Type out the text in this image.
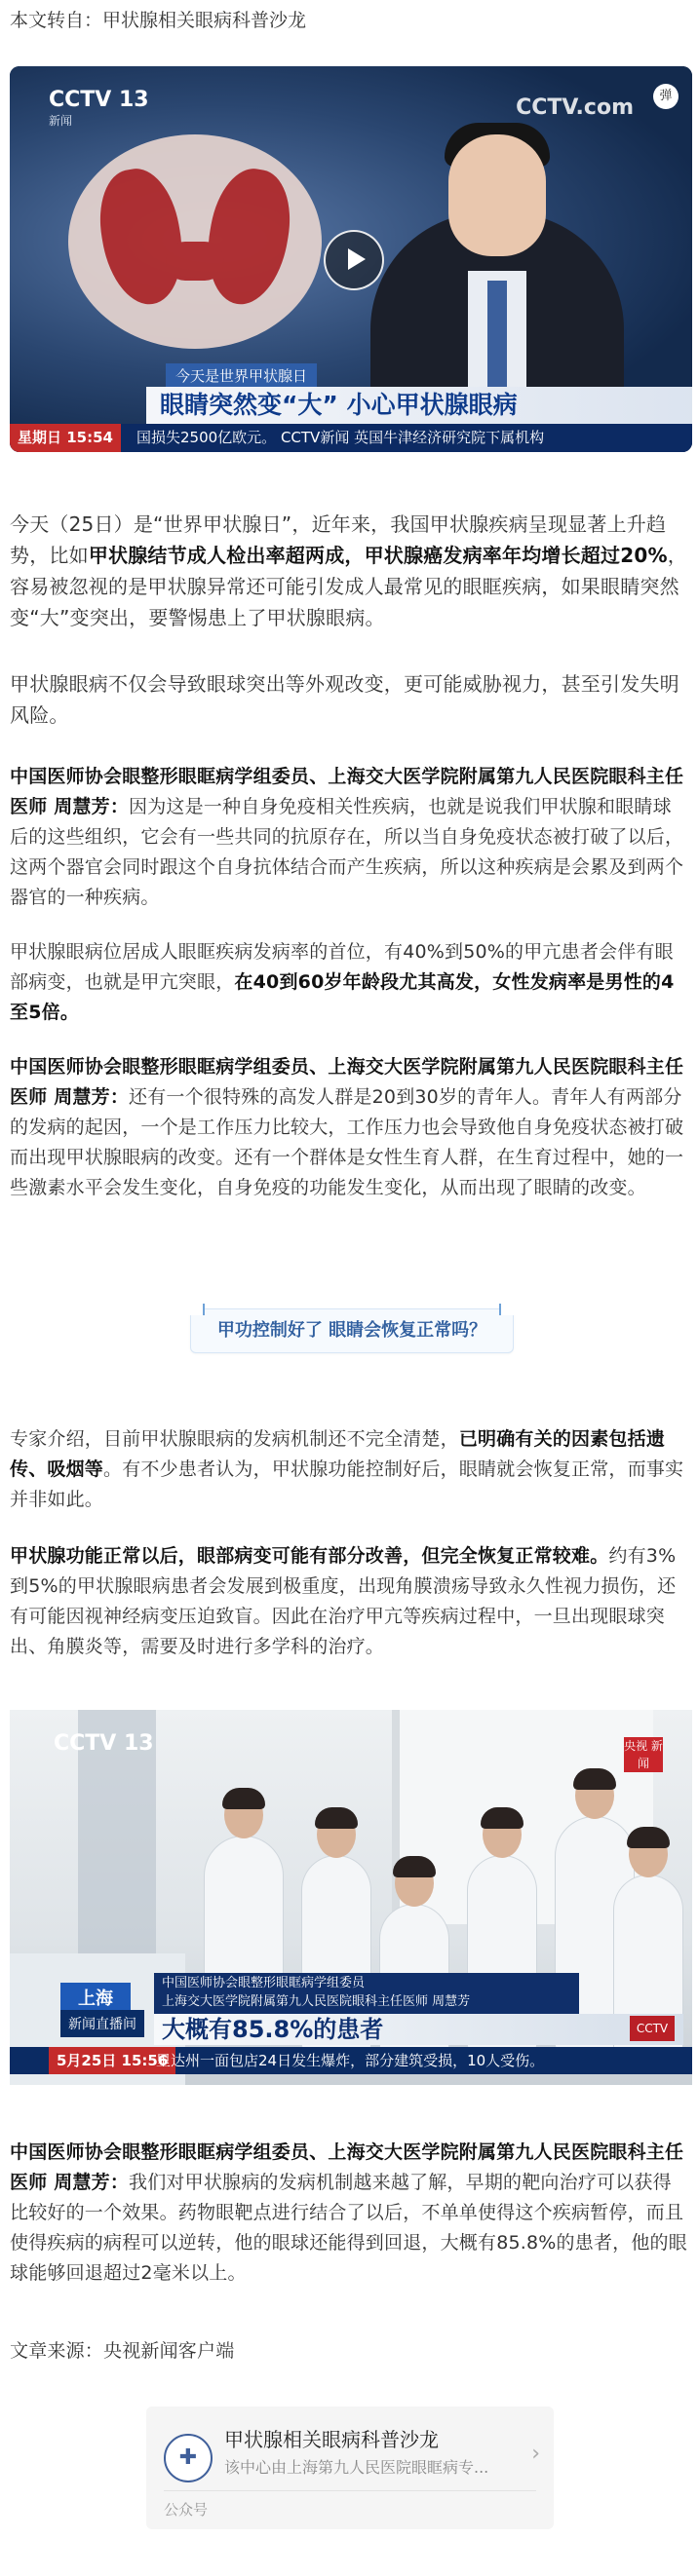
本文转自：甲状腺相关眼病科普沙龙
CCTV 13
新闻
CCTV.com	弹
今天是世界甲状腺日
眼睛突然变“大” 小心甲状腺眼病
星期日 15:54	国损失2500亿欧元。 CCTV新闻 英国牛津经济研究院下属机构

今天（25日）是“世界甲状腺日”，近年来，我国甲状腺疾病呈现显著上升趋势，比如甲状腺结节成人检出率超两成，甲状腺癌发病率年均增长超过20%，容易被忽视的是甲状腺异常还可能引发成人最常见的眼眶疾病，如果眼睛突然变“大”变突出，要警惕患上了甲状腺眼病。

甲状腺眼病不仅会导致眼球突出等外观改变，更可能威胁视力，甚至引发失明风险。

中国医师协会眼整形眼眶病学组委员、上海交大医学院附属第九人民医院眼科主任医师 周慧芳：因为这是一种自身免疫相关性疾病，也就是说我们甲状腺和眼睛球后的这些组织，它会有一些共同的抗原存在，所以当自身免疫状态被打破了以后，这两个器官会同时跟这个自身抗体结合而产生疾病，所以这种疾病是会累及到两个器官的一种疾病。

甲状腺眼病位居成人眼眶疾病发病率的首位，有40%到50%的甲亢患者会伴有眼部病变，也就是甲亢突眼，在40到60岁年龄段尤其高发，女性发病率是男性的4至5倍。

中国医师协会眼整形眼眶病学组委员、上海交大医学院附属第九人民医院眼科主任医师 周慧芳：还有一个很特殊的高发人群是20到30岁的青年人。青年人有两部分的发病的起因，一个是工作压力比较大，工作压力也会导致他自身免疫状态被打破而出现甲状腺眼病的改变。还有一个群体是女性生育人群，在生育过程中，她的一些激素水平会发生变化，自身免疫的功能发生变化，从而出现了眼睛的改变。

甲功控制好了 眼睛会恢复正常吗？

专家介绍，目前甲状腺眼病的发病机制还不完全清楚，已明确有关的因素包括遗传、吸烟等。有不少患者认为，甲状腺功能控制好后，眼睛就会恢复正常，而事实并非如此。

甲状腺功能正常以后，眼部病变可能有部分改善，但完全恢复正常较难。约有3%到5%的甲状腺眼病患者会发展到极重度，出现角膜溃疡导致永久性视力损伤，还有可能因视神经病变压迫致盲。因此在治疗甲亢等疾病过程中，一旦出现眼球突出、角膜炎等，需要及时进行多学科的治疗。

CCTV 13	央视 新闻
中国医师协会眼整形眼眶病学组委员
上海交大医学院附属第九人民医院眼科主任医师 周慧芳
上海
新闻直播间	大概有85.8%的患者	CCTV
5月25日 15:56
里达州一面包店24日发生爆炸，部分建筑受损，10人受伤。

中国医师协会眼整形眼眶病学组委员、上海交大医学院附属第九人民医院眼科主任医师 周慧芳：我们对甲状腺病的发病机制越来越了解，早期的靶向治疗可以获得比较好的一个效果。药物眼靶点进行结合了以后，不单单使得这个疾病暂停，而且使得疾病的病程可以逆转，他的眼球还能得到回退，大概有85.8%的患者，他的眼球能够回退超过2毫米以上。

文章来源：央视新闻客户端

✚
甲状腺相关眼病科普沙龙
该中心由上海第九人民医院眼眶病专...
›
公众号
